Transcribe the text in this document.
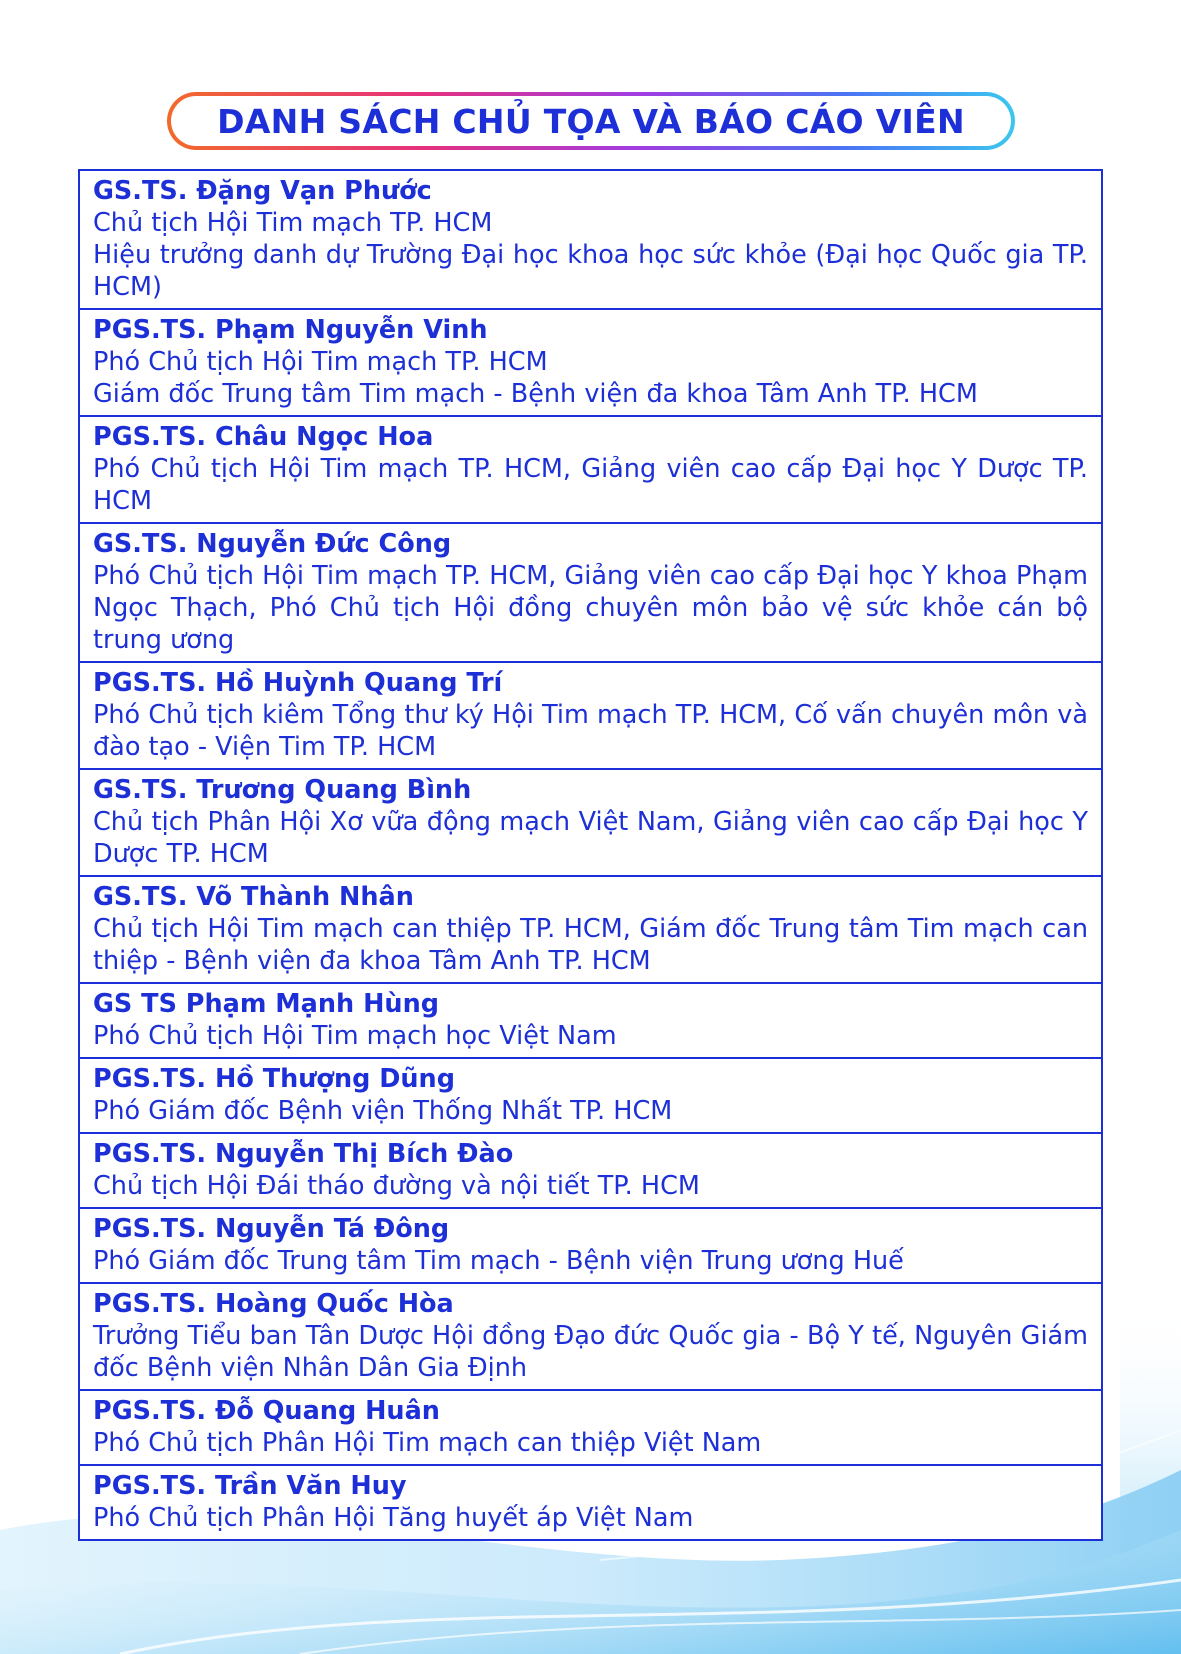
DANH SÁCH CHỦ TỌA VÀ BÁO CÁO VIÊN
GS.TS. Đặng Vạn Phước
Chủ tịch Hội Tim mạch TP. HCM
Hiệu trưởng danh dự Trường Đại học khoa học sức khỏe (Đại học Quốc gia TP. HCM)
PGS.TS. Phạm Nguyễn Vinh
Phó Chủ tịch Hội Tim mạch TP. HCM
Giám đốc Trung tâm Tim mạch - Bệnh viện đa khoa Tâm Anh TP. HCM
PGS.TS. Châu Ngọc Hoa
Phó Chủ tịch Hội Tim mạch TP. HCM, Giảng viên cao cấp Đại học Y Dược TP. HCM
GS.TS. Nguyễn Đức Công
Phó Chủ tịch Hội Tim mạch TP. HCM, Giảng viên cao cấp Đại học Y khoa Phạm Ngọc Thạch, Phó Chủ tịch Hội đồng chuyên môn bảo vệ sức khỏe cán bộ trung ương
PGS.TS. Hồ Huỳnh Quang Trí
Phó Chủ tịch kiêm Tổng thư ký Hội Tim mạch TP. HCM, Cố vấn chuyên môn và đào tạo - Viện Tim TP. HCM
GS.TS. Trương Quang Bình
Chủ tịch Phân Hội Xơ vữa động mạch Việt Nam, Giảng viên cao cấp Đại học Y Dược TP. HCM
GS.TS. Võ Thành Nhân
Chủ tịch Hội Tim mạch can thiệp TP. HCM, Giám đốc Trung tâm Tim mạch can thiệp - Bệnh viện đa khoa Tâm Anh TP. HCM
GS TS Phạm Mạnh Hùng
Phó Chủ tịch Hội Tim mạch học Việt Nam
PGS.TS. Hồ Thượng Dũng
Phó Giám đốc Bệnh viện Thống Nhất TP. HCM
PGS.TS. Nguyễn Thị Bích Đào
Chủ tịch Hội Đái tháo đường và nội tiết TP. HCM
PGS.TS. Nguyễn Tá Đông
Phó Giám đốc Trung tâm Tim mạch - Bệnh viện Trung ương Huế
PGS.TS. Hoàng Quốc Hòa
Trưởng Tiểu ban Tân Dược Hội đồng Đạo đức Quốc gia - Bộ Y tế, Nguyên Giám đốc Bệnh viện Nhân Dân Gia Định
PGS.TS. Đỗ Quang Huân
Phó Chủ tịch Phân Hội Tim mạch can thiệp Việt Nam
PGS.TS. Trần Văn Huy
Phó Chủ tịch Phân Hội Tăng huyết áp Việt Nam
